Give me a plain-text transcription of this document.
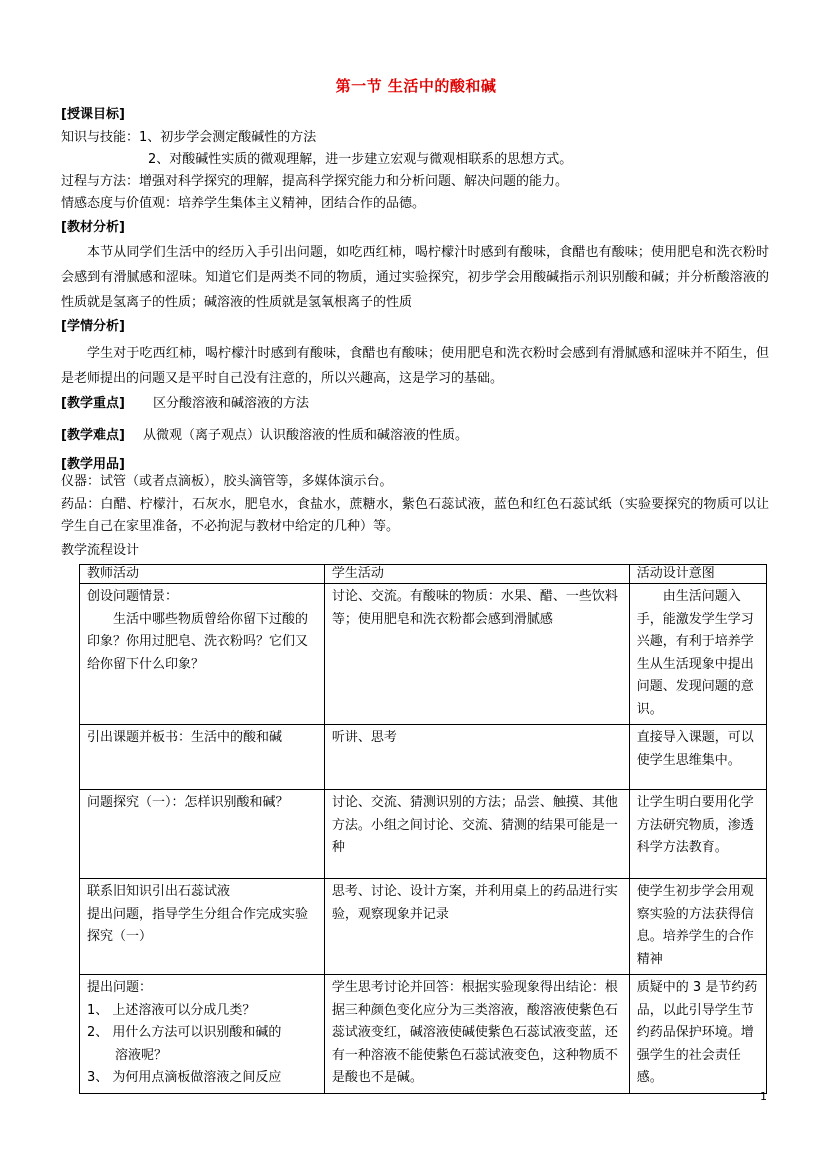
第一节 生活中的酸和碱
[授课目标]
知识与技能：1、初步学会测定酸碱性的方法
2、对酸碱性实质的微观理解，进一步建立宏观与微观相联系的思想方式。
过程与方法：增强对科学探究的理解，提高科学探究能力和分析问题、解决问题的能力。
情感态度与价值观：培养学生集体主义精神，团结合作的品德。
[教材分析]
本节从同学们生活中的经历入手引出问题，如吃西红柿，喝柠檬汁时感到有酸味，食醋也有酸味；使用肥皂和洗衣粉时会感到有滑腻感和涩味。知道它们是两类不同的物质，通过实验探究，初步学会用酸碱指示剂识别酸和碱；并分析酸溶液的性质就是氢离子的性质；碱溶液的性质就是氢氧根离子的性质
[学情分析]
学生对于吃西红柿，喝柠檬汁时感到有酸味，食醋也有酸味；使用肥皂和洗衣粉时会感到有滑腻感和涩味并不陌生，但是老师提出的问题又是平时自己没有注意的，所以兴趣高，这是学习的基础。
[教学重点] 区分酸溶液和碱溶液的方法
[教学难点] 从微观（离子观点）认识酸溶液的性质和碱溶液的性质。
[教学用品]
仪器：试管（或者点滴板），胶头滴管等，多媒体演示台。
药品：白醋、柠檬汁，石灰水，肥皂水，食盐水，蔗糖水，紫色石蕊试液，蓝色和红色石蕊试纸（实验要探究的物质可以让学生自己在家里准备，不必拘泥与教材中给定的几种）等。
教学流程设计
教师活动	学生活动	活动设计意图

创设问题情景：
生活中哪些物质曾给你留下过酸的印象？你用过肥皂、洗衣粉吗？它们又给你留下什么印象？	讨论、交流。有酸味的物质：水果、醋、一些饮料等；使用肥皂和洗衣粉都会感到滑腻感	由生活问题入手，能激发学生学习兴趣，有利于培养学生从生活现象中提出问题、发现问题的意识。
引出课题并板书：生活中的酸和碱	听讲、思考	直接导入课题，可以使学生思维集中。
问题探究（一）：怎样识别酸和碱？	讨论、交流、猜测识别的方法；品尝、触摸、其他方法。小组之间讨论、交流、猜测的结果可能是一种	让学生明白要用化学方法研究物质，渗透科学方法教育。

联系旧知识引出石蕊试液
提出问题，指导学生分组合作完成实验探究（一）	思考、讨论、设计方案，并利用桌上的药品进行实验，观察现象并记录	使学生初步学会用观察实验的方法获得信息。培养学生的合作精神

提出问题：
1、 上述溶液可以分成几类？
2、 用什么方法可以识别酸和碱的
溶液呢？
3、 为何用点滴板做溶液之间反应	学生思考讨论并回答：根据实验现象得出结论：根据三种颜色变化应分为三类溶液，酸溶液使紫色石蕊试液变红，碱溶液使碱使紫色石蕊试液变蓝，还有一种溶液不能使紫色石蕊试液变色，这种物质不是酸也不是碱。	质疑中的 3 是节约药品，以此引导学生节约药品保护环境。增强学生的社会责任感。
1
